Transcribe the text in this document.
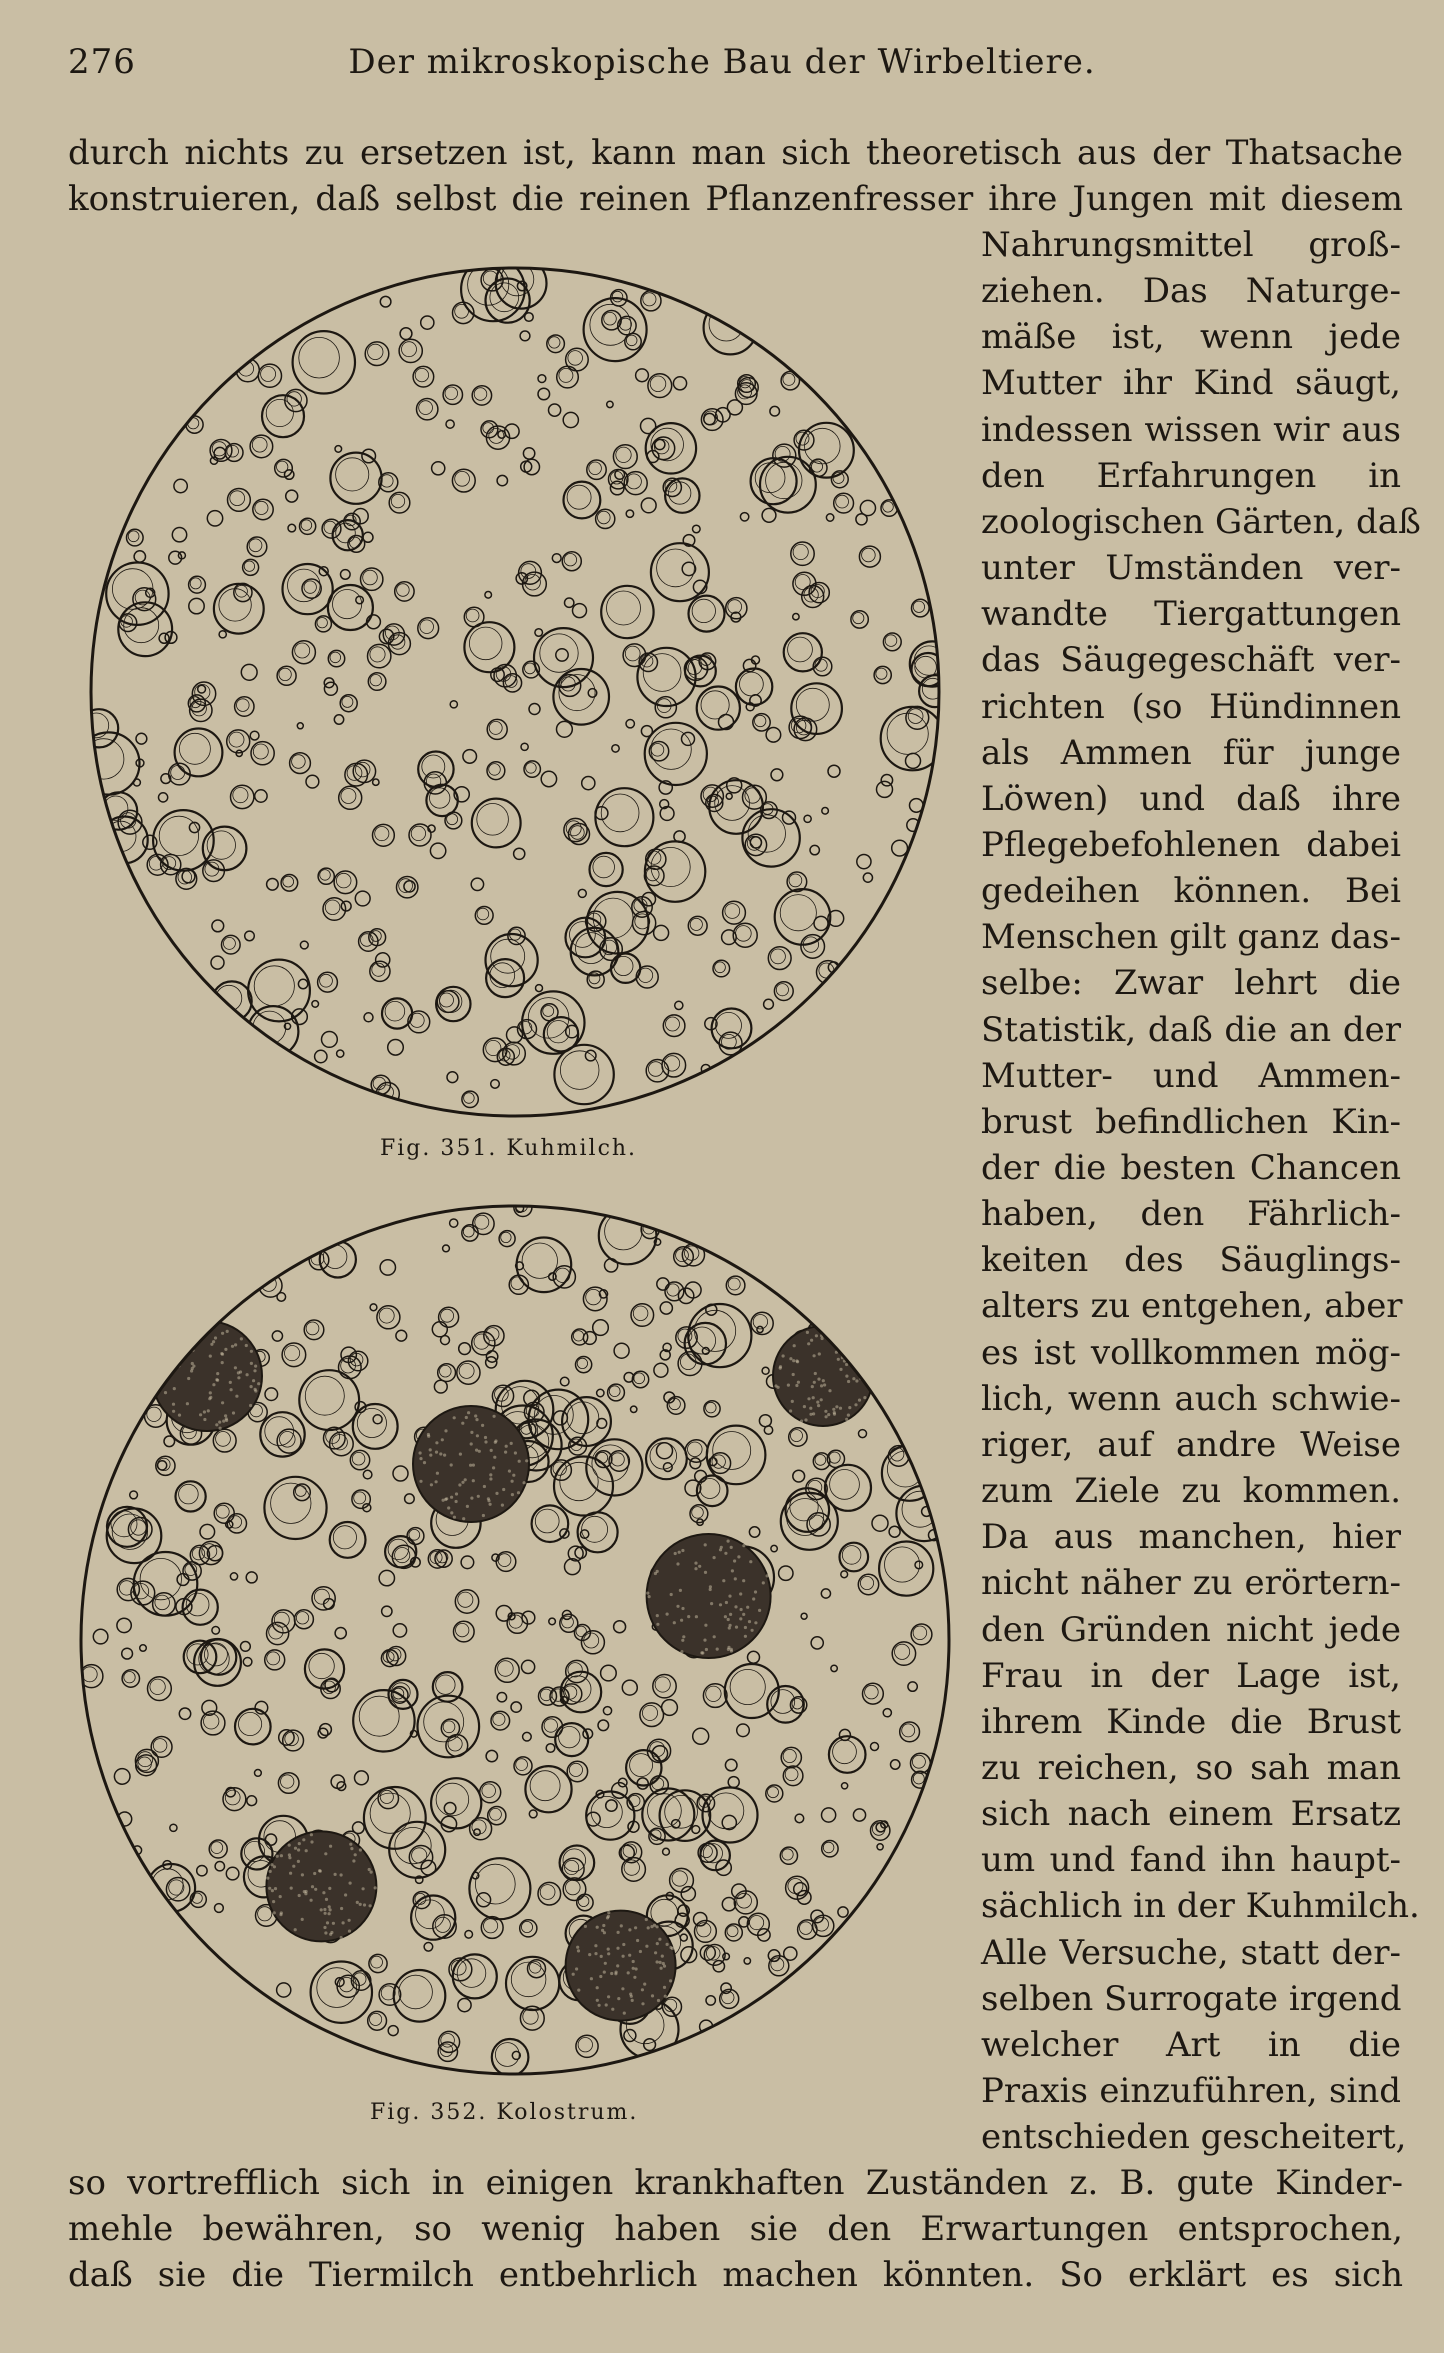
276	Der mikroskopische Bau der Wirbeltiere.
durch nichts zu ersetzen ist, kann man sich theoretisch aus der Thatsache
konstruieren, daß selbst die reinen Pflanzenfresser ihre Jungen mit diesem
Nahrungsmittel groß-
ziehen. Das Naturge-
mäße ist, wenn jede
Mutter ihr Kind säugt,
indessen wissen wir aus
den Erfahrungen in
zoologischen Gärten, daß
unter Umständen ver-
wandte Tiergattungen
das Säugegeschäft ver-
richten (so Hündinnen
als Ammen für junge
Löwen) und daß ihre
Pflegebefohlenen dabei
gedeihen können. Bei
Menschen gilt ganz das-
selbe: Zwar lehrt die
Statistik, daß die an der
Mutter- und Ammen-
brust befindlichen Kin-
der die besten Chancen
haben, den Fährlich-
keiten des Säuglings-
alters zu entgehen, aber
es ist vollkommen mög-
lich, wenn auch schwie-
riger, auf andre Weise
zum Ziele zu kommen.
Da aus manchen, hier
nicht näher zu erörtern-
den Gründen nicht jede
Frau in der Lage ist,
ihrem Kinde die Brust
zu reichen, so sah man
sich nach einem Ersatz
um und fand ihn haupt-
sächlich in der Kuhmilch.
Alle Versuche, statt der-
selben Surrogate irgend
welcher Art in die
Praxis einzuführen, sind
entschieden gescheitert,
so vortrefflich sich in einigen krankhaften Zuständen z. B. gute Kinder-
mehle bewähren, so wenig haben sie den Erwartungen entsprochen,
daß sie die Tiermilch entbehrlich machen könnten. So erklärt es sich
Fig. 351. Kuhmilch.
Fig. 352. Kolostrum.
